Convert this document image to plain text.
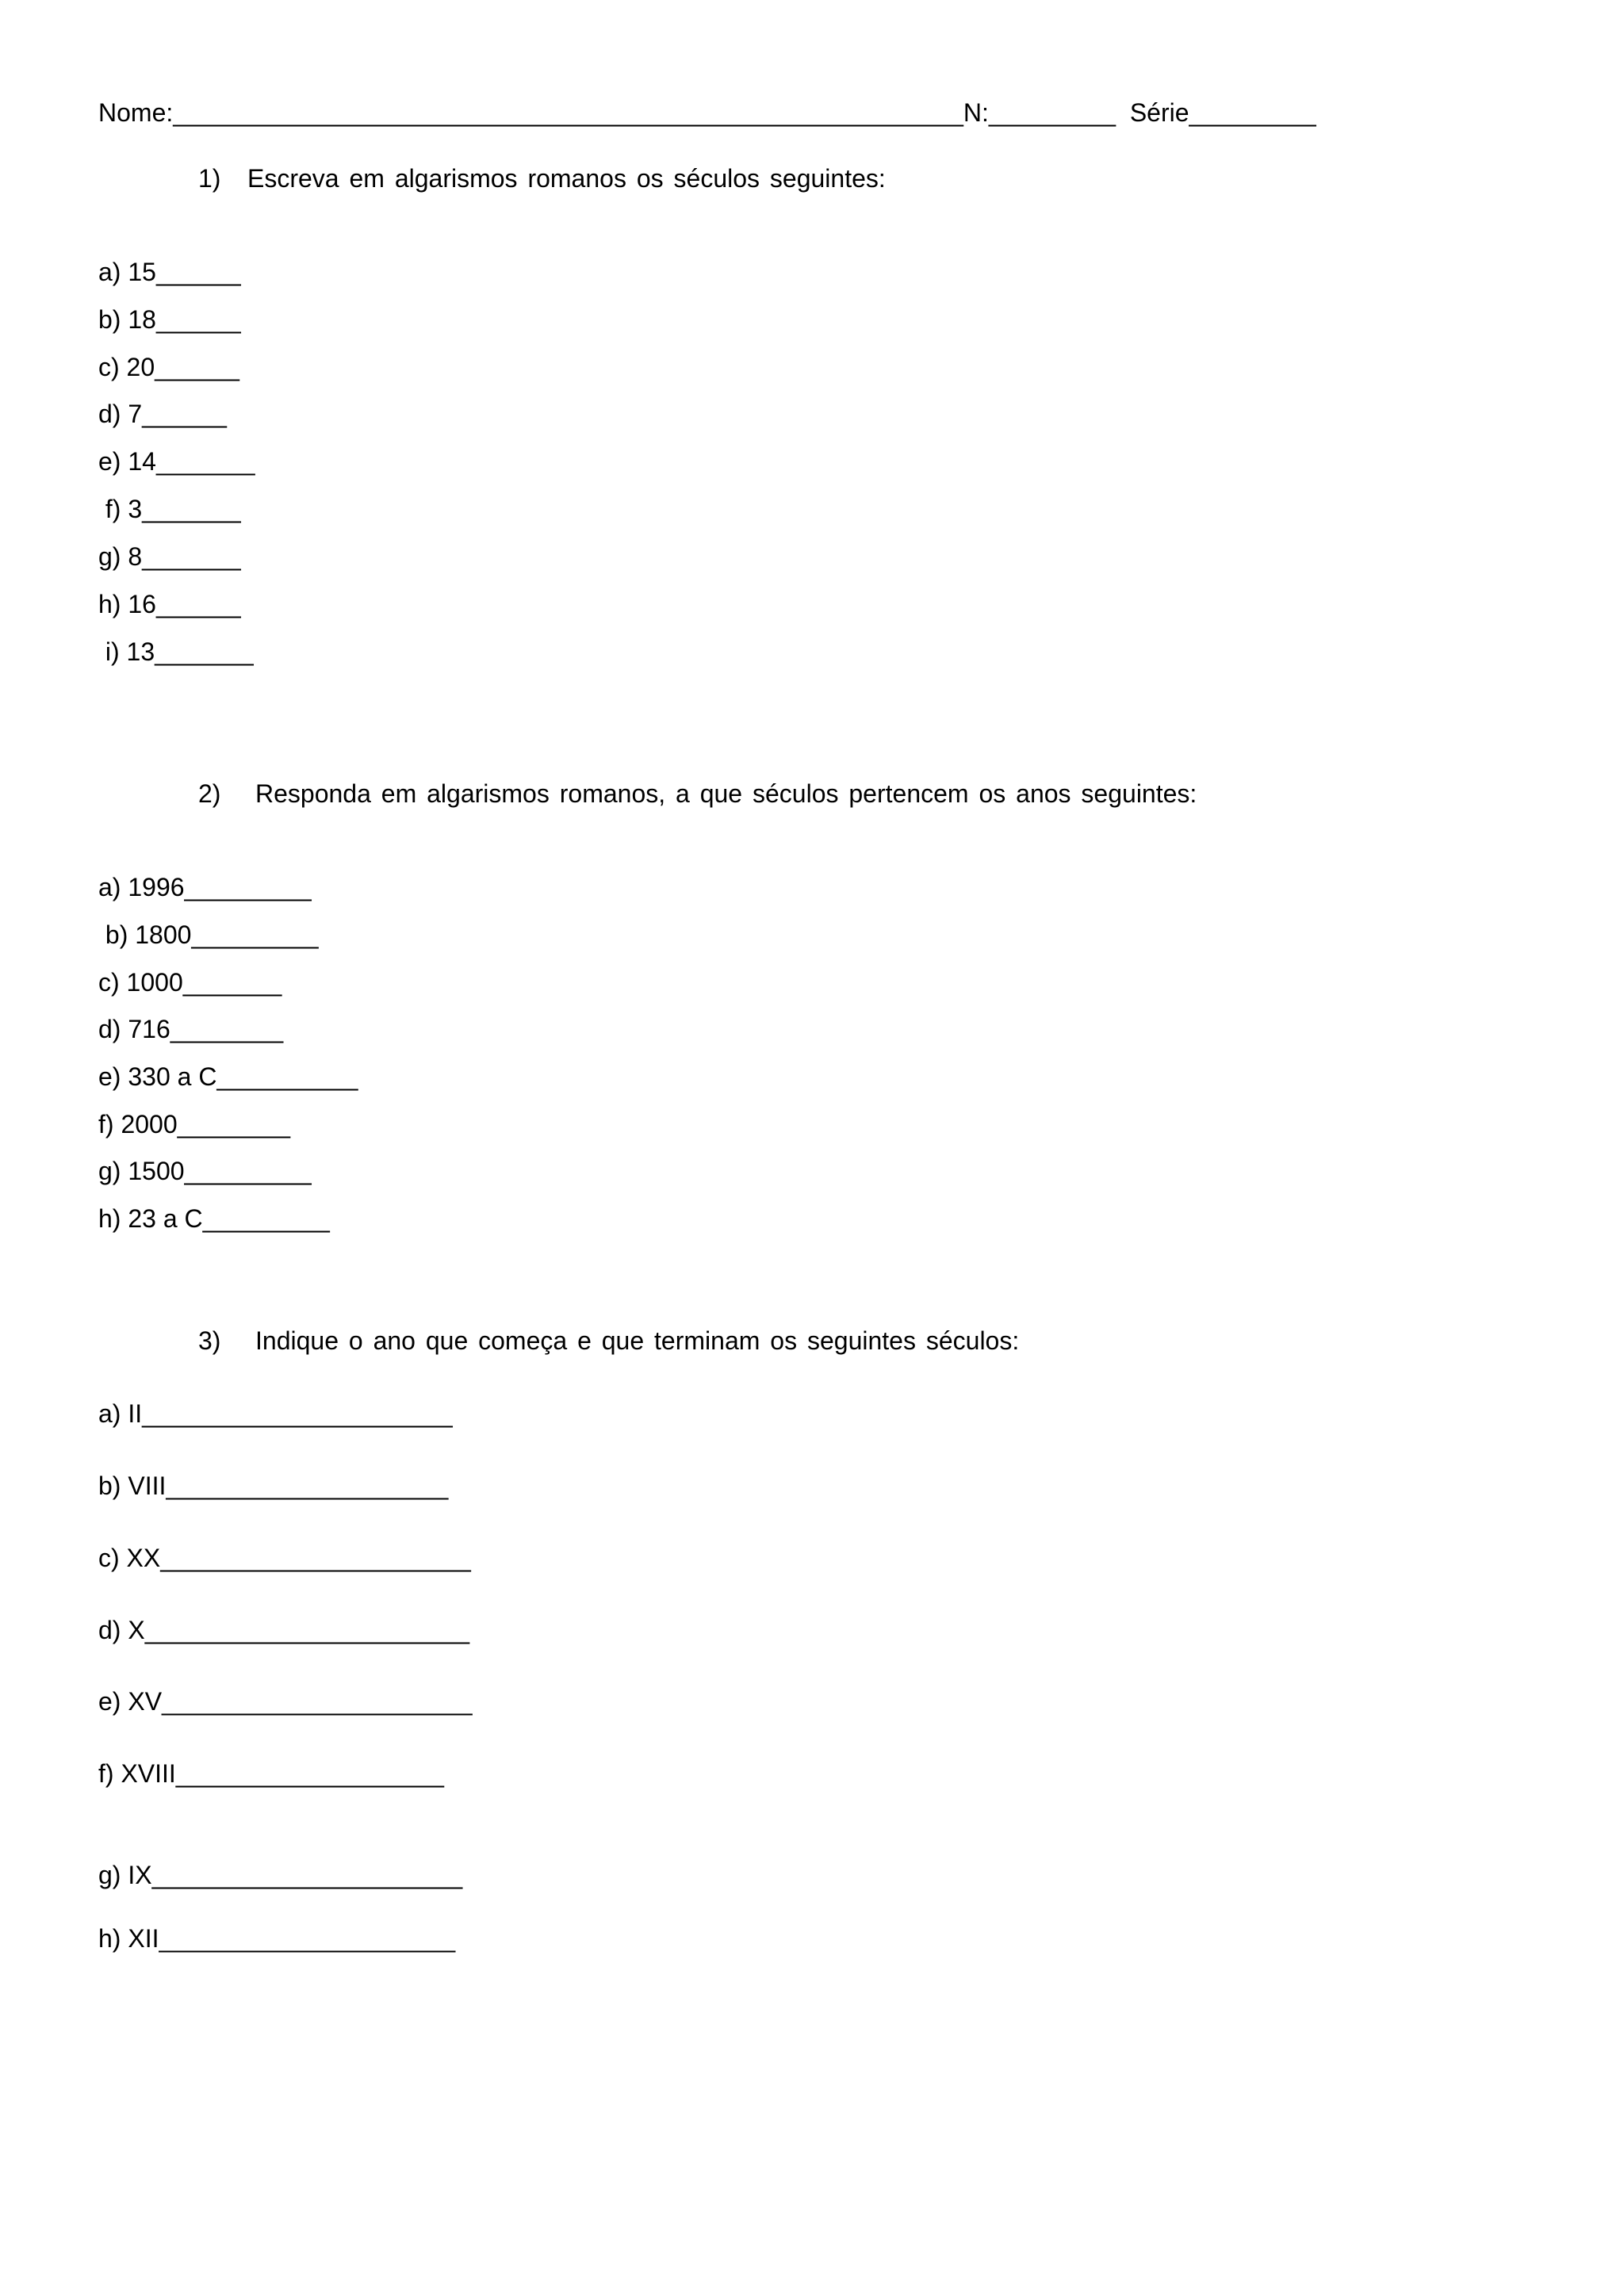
Nome:________________________________________________________N:_________  Série_________
1) Escreva em algarismos romanos os séculos seguintes:
a) 15______
b) 18______
c) 20______
d) 7______
e) 14_______
f) 3_______
g) 8_______
h) 16______
i) 13_______
2) Responda em algarismos romanos, a que séculos pertencem os anos seguintes:
a) 1996_________
b) 1800_________
c) 1000_______
d) 716________
e) 330 a C__________
f) 2000________
g) 1500_________
h) 23 a C_________
3) Indique o ano que começa e que terminam os seguintes séculos:
a) II______________________
b) VIII____________________
c) XX______________________
d) X_______________________
e) XV______________________
f) XVIII___________________
g) IX______________________
h) XII_____________________
